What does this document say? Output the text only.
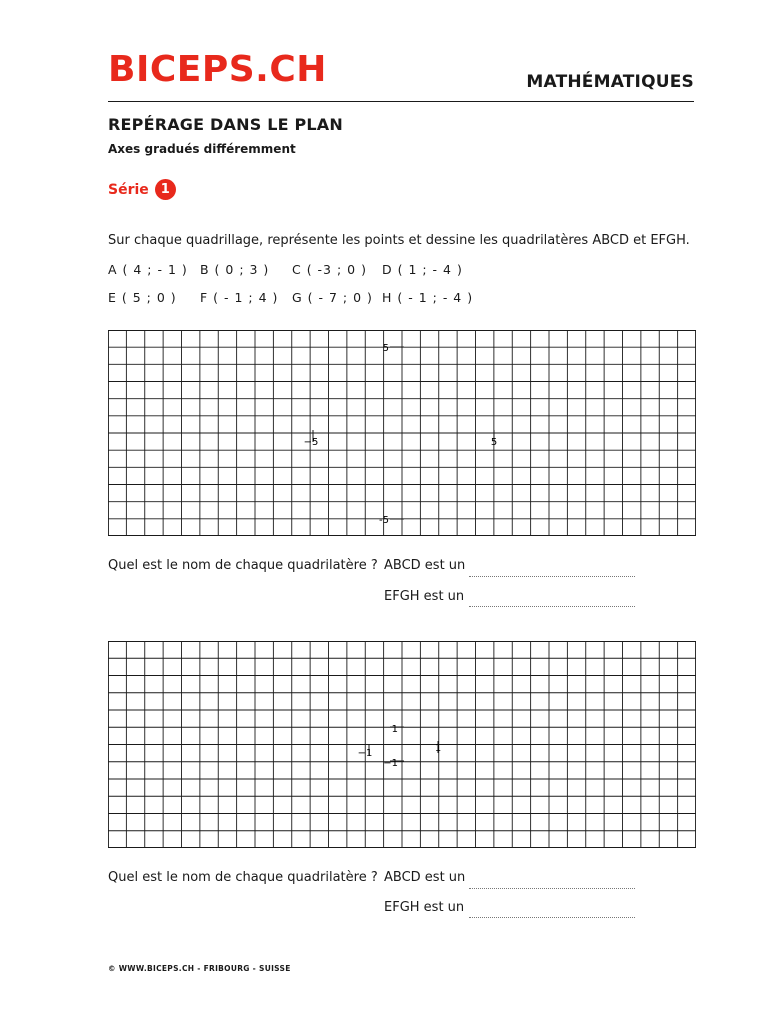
BICEPS.CH	MATHÉMATIQUES
REPÉRAGE DANS LE PLAN
Axes gradués différemment
Série 1
Sur chaque quadrillage, représente les points et dessine les quadrilatères ABCD et EFGH.
A ( 4 ; - 1 ) B ( 0 ; 3 )	C ( -3 ; 0 )	D ( 1 ; - 4 )
E ( 5 ; 0 )	F ( - 1 ; 4 )	G ( - 7 ; 0 ) H ( - 1 ; - 4 )
5
-5
−5	5
Quel est le nom de chaque quadrilatère ? ABCD est un
EFGH est un
1
−1
−1	1
Quel est le nom de chaque quadrilatère ? ABCD est un
EFGH est un
© WWW.BICEPS.CH - FRIBOURG - SUISSE
